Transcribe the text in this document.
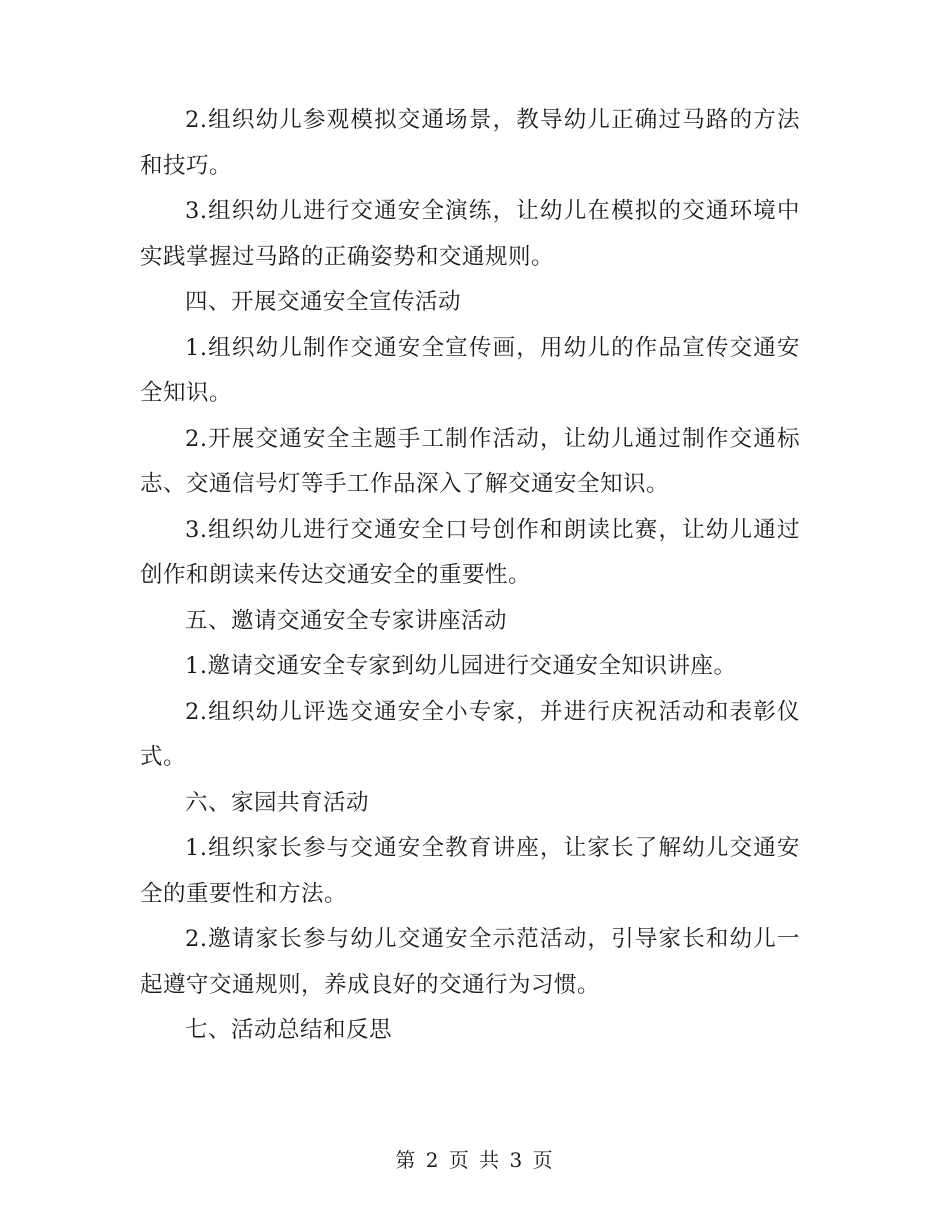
2.组织幼儿参观模拟交通场景，教导幼儿正确过马路的方法和技巧。

3.组织幼儿进行交通安全演练，让幼儿在模拟的交通环境中实践掌握过马路的正确姿势和交通规则。

四、开展交通安全宣传活动

1.组织幼儿制作交通安全宣传画，用幼儿的作品宣传交通安全知识。

2.开展交通安全主题手工制作活动，让幼儿通过制作交通标志、交通信号灯等手工作品深入了解交通安全知识。

3.组织幼儿进行交通安全口号创作和朗读比赛，让幼儿通过创作和朗读来传达交通安全的重要性。

五、邀请交通安全专家讲座活动

1.邀请交通安全专家到幼儿园进行交通安全知识讲座。

2.组织幼儿评选交通安全小专家，并进行庆祝活动和表彰仪式。

六、家园共育活动

1.组织家长参与交通安全教育讲座，让家长了解幼儿交通安全的重要性和方法。

2.邀请家长参与幼儿交通安全示范活动，引导家长和幼儿一起遵守交通规则，养成良好的交通行为习惯。

七、活动总结和反思

第 2 页 共 3 页
